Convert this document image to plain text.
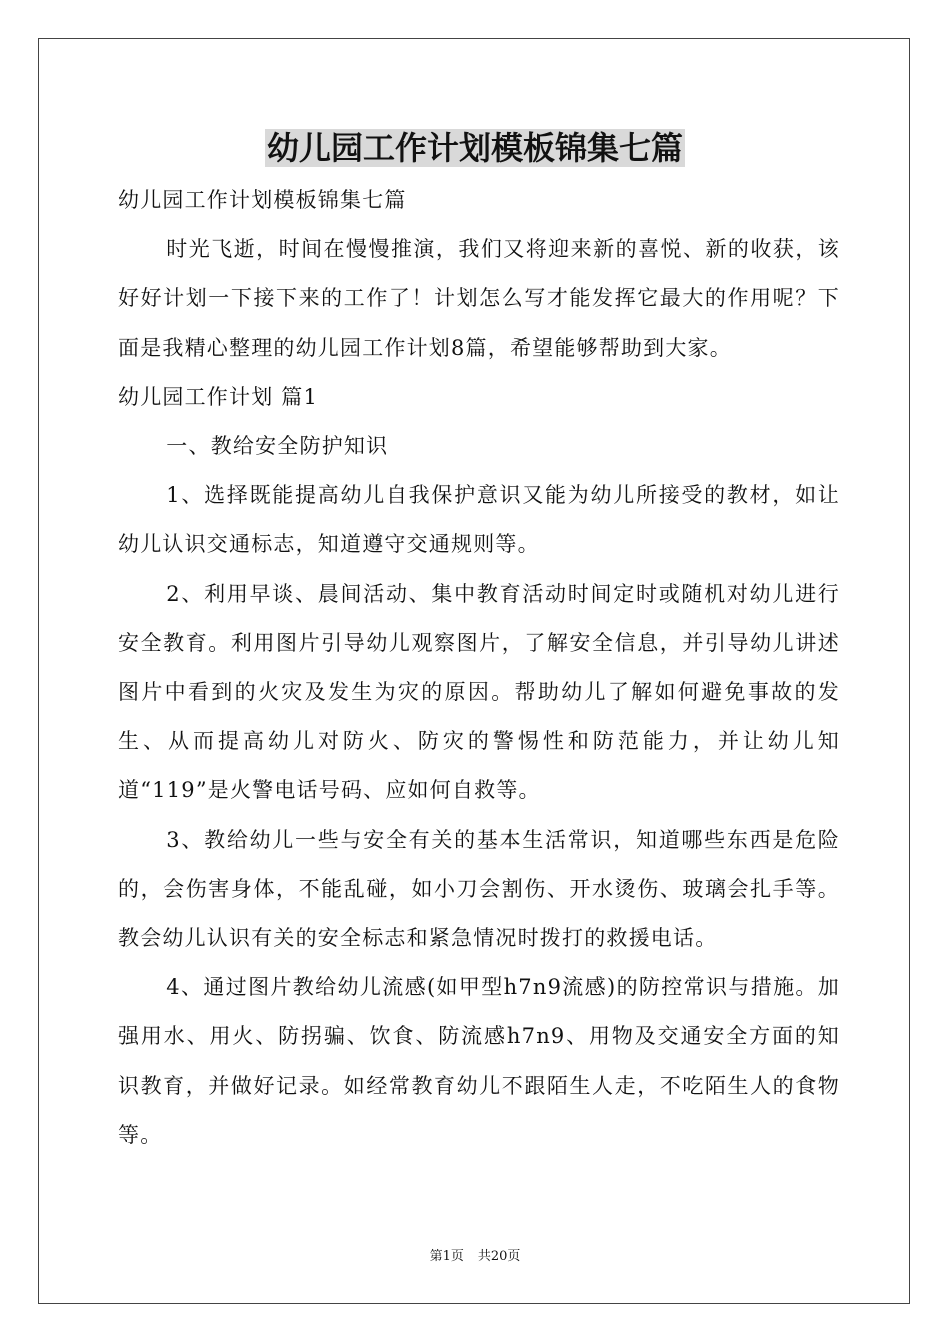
幼儿园工作计划模板锦集七篇

幼儿园工作计划模板锦集七篇

时光飞逝，时间在慢慢推演，我们又将迎来新的喜悦、新的收获，该好好计划一下接下来的工作了！计划怎么写才能发挥它最大的作用呢？下面是我精心整理的幼儿园工作计划8篇，希望能够帮助到大家。

幼儿园工作计划 篇1

一、教给安全防护知识

1、选择既能提高幼儿自我保护意识又能为幼儿所接受的教材，如让幼儿认识交通标志，知道遵守交通规则等。

2、利用早谈、晨间活动、集中教育活动时间定时或随机对幼儿进行安全教育。利用图片引导幼儿观察图片，了解安全信息，并引导幼儿讲述图片中看到的火灾及发生为灾的原因。帮助幼儿了解如何避免事故的发生、从而提高幼儿对防火、防灾的警惕性和防范能力，并让幼儿知道“119”是火警电话号码、应如何自救等。

3、教给幼儿一些与安全有关的基本生活常识，知道哪些东西是危险的，会伤害身体，不能乱碰，如小刀会割伤、开水烫伤、玻璃会扎手等。教会幼儿认识有关的安全标志和紧急情况时拨打的救援电话。

4、通过图片教给幼儿流感(如甲型h7n9流感)的防控常识与措施。加强用水、用火、防拐骗、饮食、防流感h7n9、用物及交通安全方面的知识教育，并做好记录。如经常教育幼儿不跟陌生人走，不吃陌生人的食物等。

第1页 共20页
